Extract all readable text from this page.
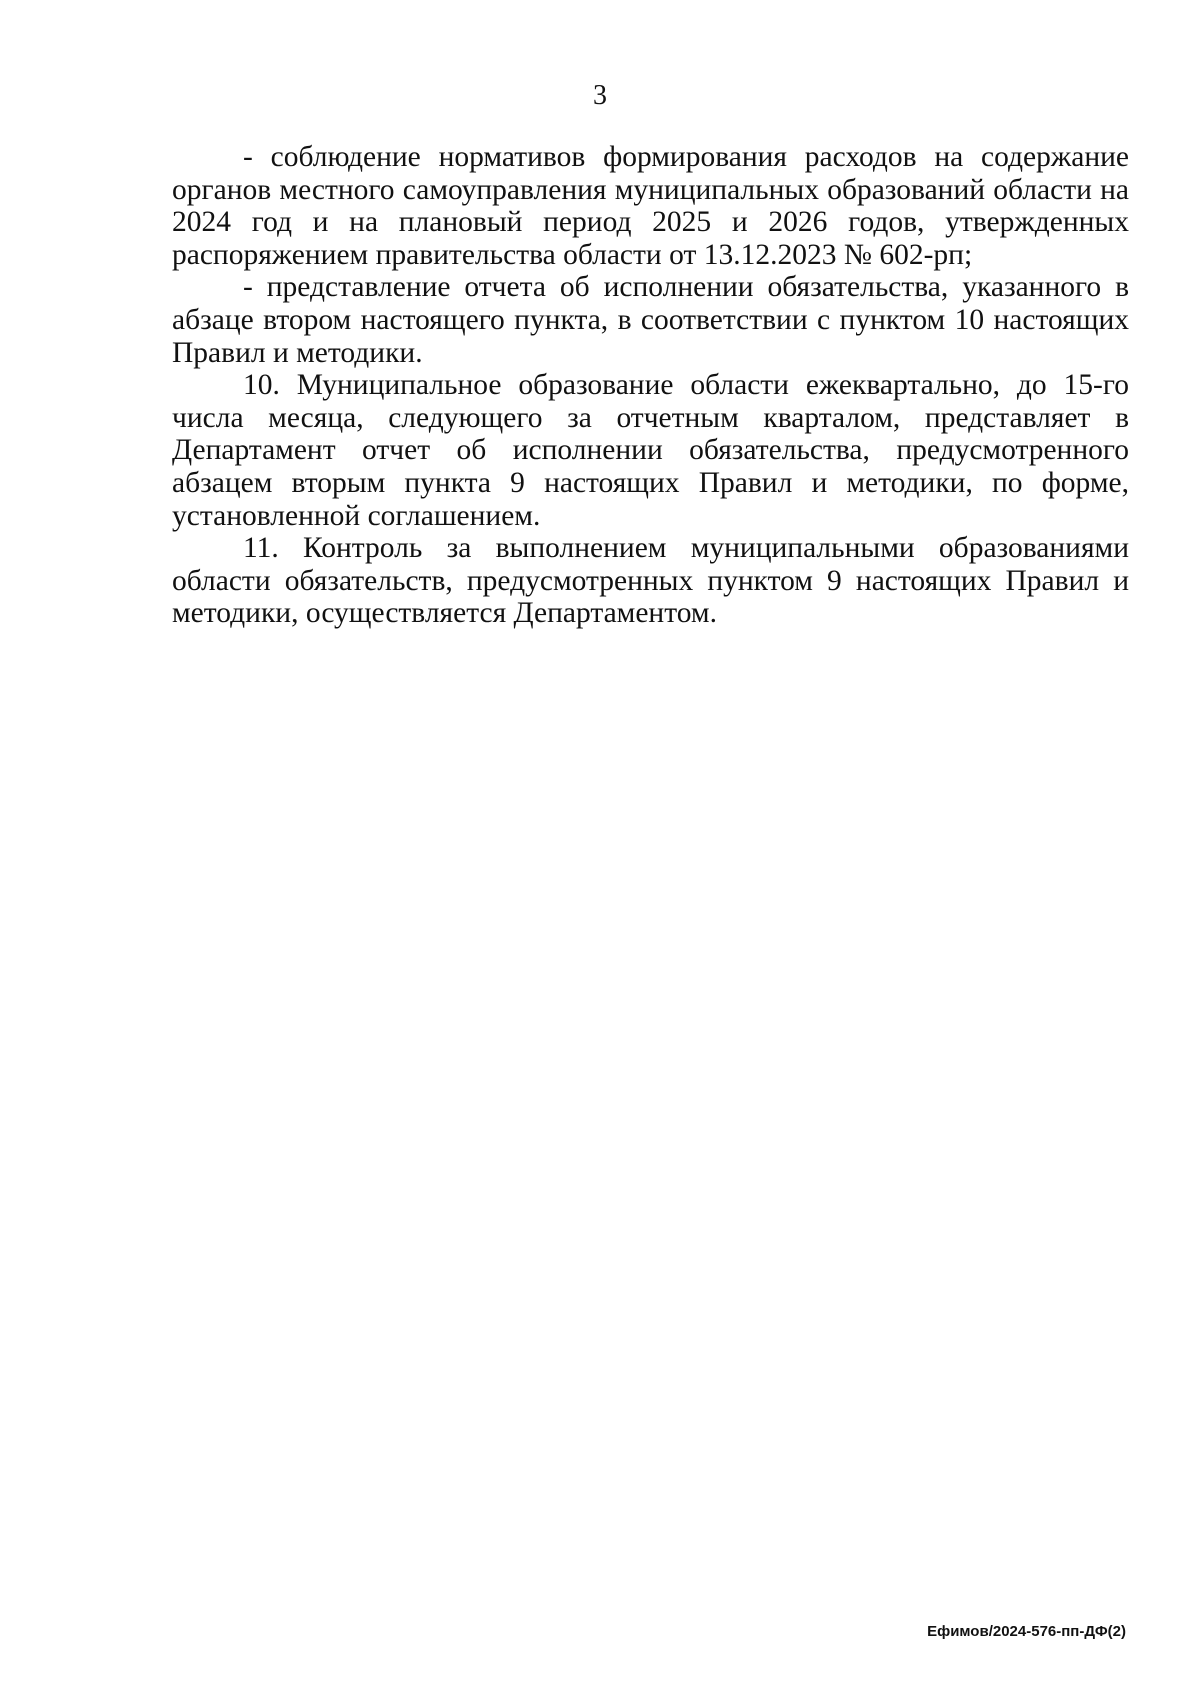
3

- соблюдение нормативов формирования расходов на содержание органов местного самоуправления муниципальных образований области на 2024 год и на плановый период 2025 и 2026 годов, утвержденных распоряжением правительства области от 13.12.2023 № 602-рп;

- представление отчета об исполнении обязательства, указанного в абзаце втором настоящего пункта, в соответствии с пунктом 10 настоящих Правил и методики.

10. Муниципальное образование области ежеквартально, до 15-го числа месяца, следующего за отчетным кварталом, представляет в Департамент отчет об исполнении обязательства, предусмотренного абзацем вторым пункта 9 настоящих Правил и методики, по форме, установленной соглашением.

11. Контроль за выполнением муниципальными образованиями области обязательств, предусмотренных пунктом 9 настоящих Правил и методики, осуществляется Департаментом.

Ефимов/2024-576-пп-ДФ(2)
